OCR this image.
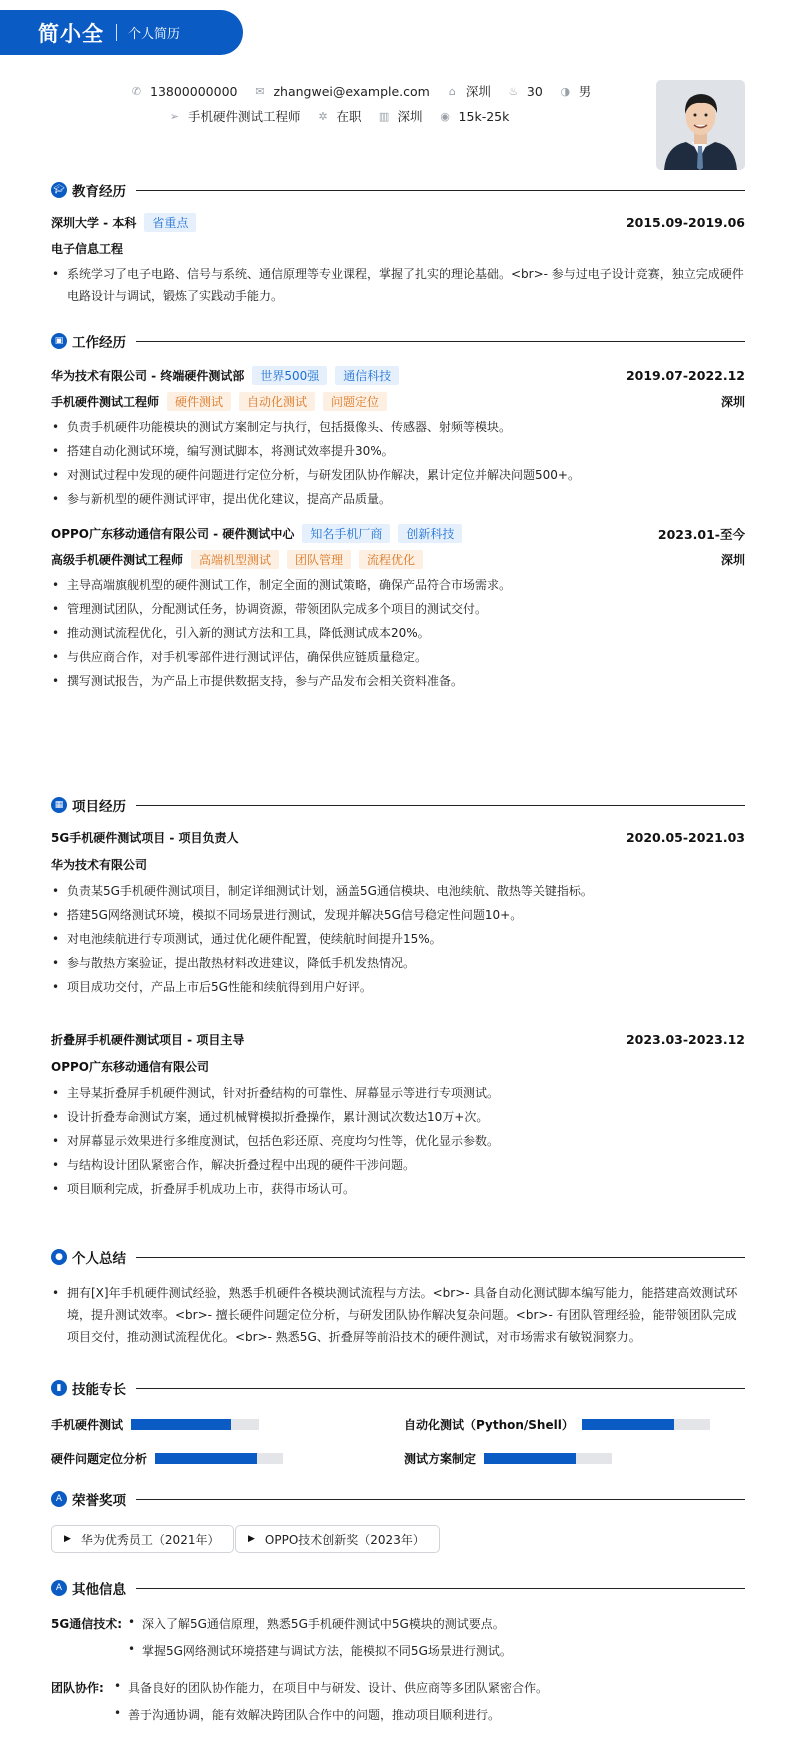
简小全 个人简历
✆ 13800000000 ✉ zhangwei@example.com ⌂ 深圳 ♨ 30 ◑ 男
➢ 手机硬件测试工程师 ✲ 在职 ▥ 深圳 ◉ 15k-25k
🎓︎ 教育经历
深圳大学 - 本科	省重点	2015.09-2019.06
电子信息工程
• 系统学习了电子电路、信号与系统、通信原理等专业课程，掌握了扎实的理论基础。<br>- 参与过电子设计竞赛，独立完成硬件电路设计与调试，锻炼了实践动手能力。
▣ 工作经历
华为技术有限公司 - 终端硬件测试部	世界500强	通信科技	2019.07-2022.12
手机硬件测试工程师	硬件测试	自动化测试	问题定位	深圳
• 负责手机硬件功能模块的测试方案制定与执行，包括摄像头、传感器、射频等模块。
• 搭建自动化测试环境，编写测试脚本，将测试效率提升30%。
• 对测试过程中发现的硬件问题进行定位分析，与研发团队协作解决，累计定位并解决问题500+。
• 参与新机型的硬件测试评审，提出优化建议，提高产品质量。
OPPO广东移动通信有限公司 - 硬件测试中心	知名手机厂商	创新科技	2023.01-至今
高级手机硬件测试工程师	高端机型测试	团队管理	流程优化	深圳
• 主导高端旗舰机型的硬件测试工作，制定全面的测试策略，确保产品符合市场需求。
• 管理测试团队，分配测试任务，协调资源，带领团队完成多个项目的测试交付。
• 推动测试流程优化，引入新的测试方法和工具，降低测试成本20%。
• 与供应商合作，对手机零部件进行测试评估，确保供应链质量稳定。
• 撰写测试报告，为产品上市提供数据支持，参与产品发布会相关资料准备。
▦ 项目经历
5G手机硬件测试项目 - 项目负责人	2020.05-2021.03
华为技术有限公司
• 负责某5G手机硬件测试项目，制定详细测试计划，涵盖5G通信模块、电池续航、散热等关键指标。
• 搭建5G网络测试环境，模拟不同场景进行测试，发现并解决5G信号稳定性问题10+。
• 对电池续航进行专项测试，通过优化硬件配置，使续航时间提升15%。
• 参与散热方案验证，提出散热材料改进建议，降低手机发热情况。
• 项目成功交付，产品上市后5G性能和续航得到用户好评。
折叠屏手机硬件测试项目 - 项目主导	2023.03-2023.12
OPPO广东移动通信有限公司
• 主导某折叠屏手机硬件测试，针对折叠结构的可靠性、屏幕显示等进行专项测试。
• 设计折叠寿命测试方案，通过机械臂模拟折叠操作，累计测试次数达10万+次。
• 对屏幕显示效果进行多维度测试，包括色彩还原、亮度均匀性等，优化显示参数。
• 与结构设计团队紧密合作，解决折叠过程中出现的硬件干涉问题。
• 项目顺利完成，折叠屏手机成功上市，获得市场认可。
● 个人总结
• 拥有[X]年手机硬件测试经验，熟悉手机硬件各模块测试流程与方法。<br>- 具备自动化测试脚本编写能力，能搭建高效测试环境，提升测试效率。<br>- 擅长硬件问题定位分析，与研发团队协作解决复杂问题。<br>- 有团队管理经验，能带领团队完成项目交付，推动测试流程优化。<br>- 熟悉5G、折叠屏等前沿技术的硬件测试，对市场需求有敏锐洞察力。
▮ 技能专长
手机硬件测试	自动化测试（Python/Shell）
硬件问题定位分析	测试方案制定
A 荣誉奖项
▶ 华为优秀员工（2021年）	▶ OPPO技术创新奖（2023年）
A 其他信息
5G通信技术:	• 深入了解5G通信原理，熟悉5G手机硬件测试中5G模块的测试要点。
• 掌握5G网络测试环境搭建与调试方法，能模拟不同5G场景进行测试。
团队协作:	• 具备良好的团队协作能力，在项目中与研发、设计、供应商等多团队紧密合作。
• 善于沟通协调，能有效解决跨团队合作中的问题，推动项目顺利进行。
